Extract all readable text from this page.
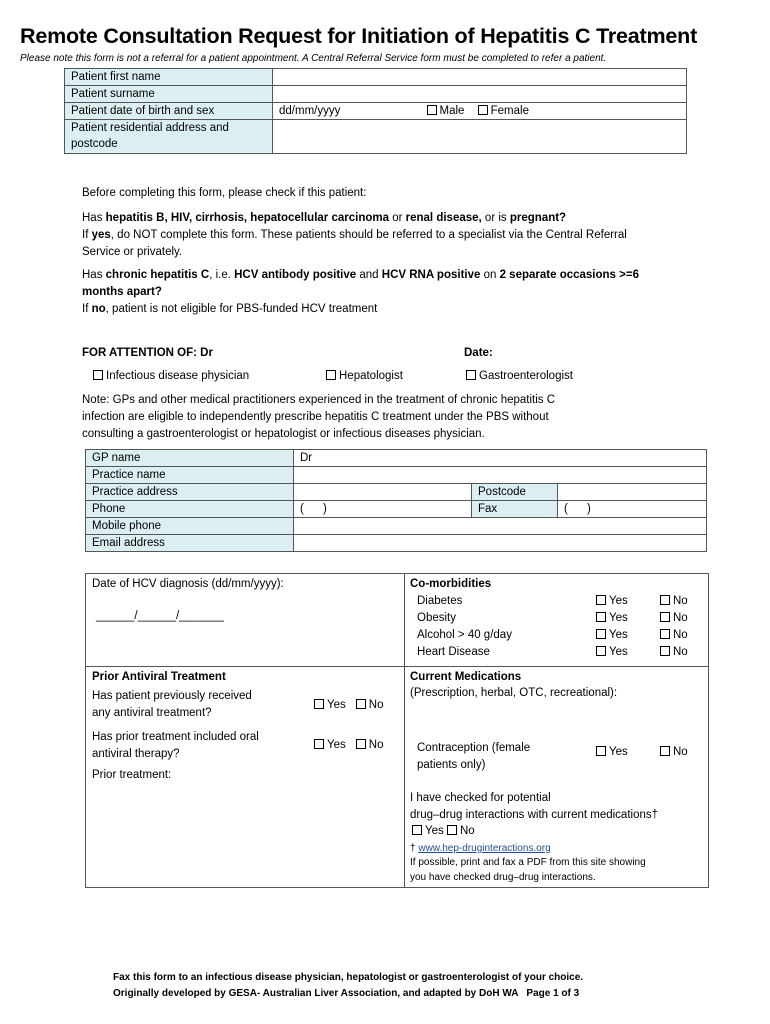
Remote Consultation Request for Initiation of Hepatitis C Treatment
Please note this form is not a referral for a patient appointment. A Central Referral Service form must be completed to refer a patient.
Patient first name	
Patient surname	
Patient date of birth and sex	dd/mm/yyyy Male Female

Patient residential address and
postcode	
Before completing this form, please check if this patient:
Has hepatitis B, HIV, cirrhosis, hepatocellular carcinoma or renal disease, or is pregnant?
If yes, do NOT complete this form. These patients should be referred to a specialist via the Central Referral
Service or privately.
Has chronic hepatitis C, i.e. HCV antibody positive and HCV RNA positive on 2 separate occasions >=6
months apart?
If no, patient is not eligible for PBS-funded HCV treatment
FOR ATTENTION OF: Dr	Date:
Infectious disease physician	Hepatologist	Gastroenterologist
Note: GPs and other medical practitioners experienced in the treatment of chronic hepatitis C
infection are eligible to independently prescribe hepatitis C treatment under the PBS without
consulting a gastroenterologist or hepatologist or infectious diseases physician.
GP name	Dr		
Practice name			
Practice address		Postcode	
Phone	(      )	Fax	(      )
Mobile phone			
Email address			
Date of HCV diagnosis (dd/mm/yyyy):
______/______/_______
Co-morbidities
Diabetes	Yes	No
Obesity	Yes	No
Alcohol > 40 g/day	Yes	No
Heart Disease	Yes	No
Prior Antiviral Treatment
Has patient previously received
any antiviral treatment?
Yes No
Has prior treatment included oral
antiviral therapy?
Yes No
Prior treatment:
Current Medications
(Prescription, herbal, OTC, recreational):
Contraception (female
patients only)
Yes	No
I have checked for potential
drug–drug interactions with current medications†
Yes No
† www.hep-druginteractions.org
If possible, print and fax a PDF from this site showing
you have checked drug–drug interactions.
Fax this form to an infectious disease physician, hepatologist or gastroenterologist of your choice.
Originally developed by GESA- Australian Liver Association, and adapted by DoH WA   Page 1 of 3
